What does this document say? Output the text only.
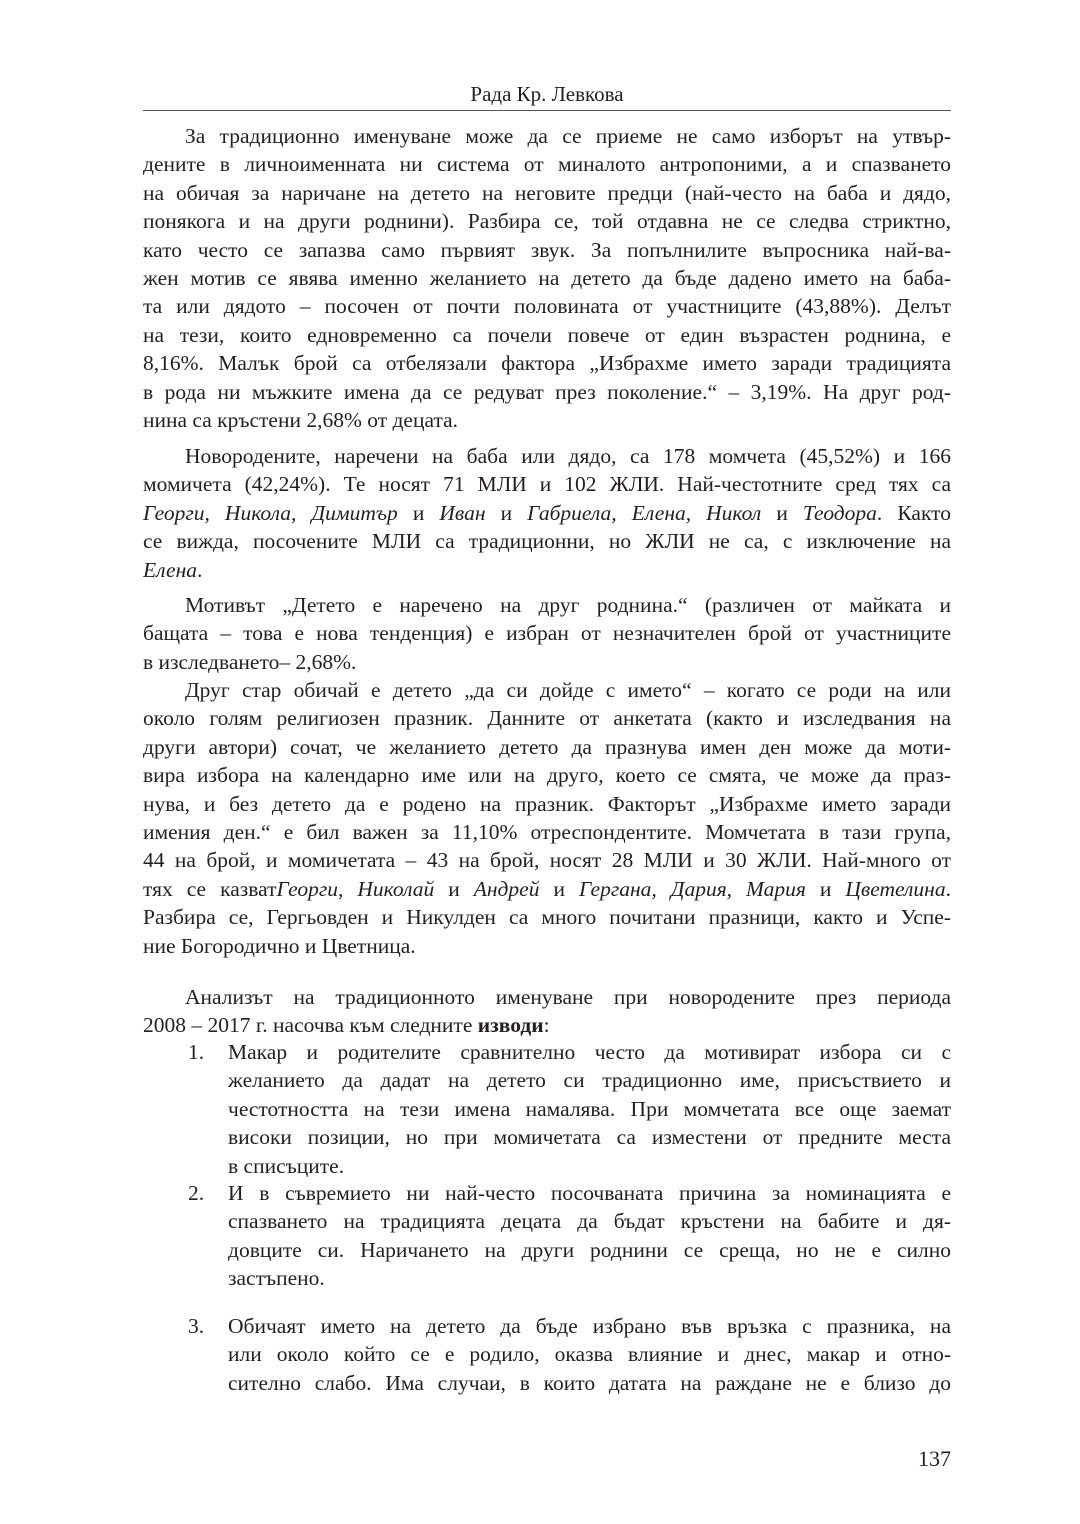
Рада Кр. Левкова
За традиционно именуване може да се приеме не само изборът на утвър-
дените в личноименната ни система от миналото антропоними, а и спазването
на обичая за наричане на детето на неговите предци (най-често на баба и дядо,
понякога и на други роднини). Разбира се, той отдавна не се следва стриктно,
като често се запазва само първият звук. За попълнилите въпросника най-ва-
жен мотив се явява именно желанието на детето да бъде дадено името на баба-
та или дядото – посочен от почти половината от участниците (43,88%). Делът
на тези, които едновременно са почели повече от един възрастен роднина, е
8,16%. Малък брой са отбелязали фактора „Избрахме името заради традицията
в рода ни мъжките имена да се редуват през поколение.“ – 3,19%. На друг род-
нина са кръстени 2,68% от децата.
Новородените, наречени на баба или дядо, са 178 момчета (45,52%) и 166
момичета (42,24%). Те носят 71 МЛИ и 102 ЖЛИ. Най-честотните сред тях са
Георги, Никола, Димитър и Иван и Габриела, Елена, Никол и Теодора. Както
се вижда, посочените МЛИ са традиционни, но ЖЛИ не са, с изключение на
Елена.
Мотивът „Детето е наречено на друг роднина.“ (различен от майката и
бащата – това е нова тенденция) е избран от незначителен брой от участниците
в изследването– 2,68%.
Друг стар обичай е детето „да си дойде с името“ – когато се роди на или
около голям религиозен празник. Данните от анкетата (както и изследвания на
други автори) сочат, че желанието детето да празнува имен ден може да моти-
вира избора на календарно име или на друго, което се смята, че може да праз-
нува, и без детето да е родено на празник. Факторът „Избрахме името заради
имения ден.“ е бил важен за 11,10% отреспондентите. Момчетата в тази група,
44 на брой, и момичетата – 43 на брой, носят 28 МЛИ и 30 ЖЛИ. Най-много от
тях се казватГеорги, Николай и Андрей и Гергана, Дария, Мария и Цветелина.
Разбира се, Гергьовден и Никулден са много почитани празници, както и Успе-
ние Богородично и Цветница.
Анализът на традиционното именуване при новородените през периода
2008 – 2017 г. насочва към следните изводи:
1. Макар и родителите сравнително често да мотивират избора си с
желанието да дадат на детето си традиционно име, присъствието и
честотността на тези имена намалява. При момчетата все още заемат
високи позиции, но при момичетата са изместени от предните места
в списъците.
2. И в съвремието ни най-често посочваната причина за номинацията е
спазването на традицията децата да бъдат кръстени на бабите и дя-
довците си. Наричането на други роднини се среща, но не е силно
застъпено.
3. Обичаят името на детето да бъде избрано във връзка с празника, на
или около който се е родило, оказва влияние и днес, макар и отно-
сително слабо. Има случаи, в които датата на раждане не е близо до
137
